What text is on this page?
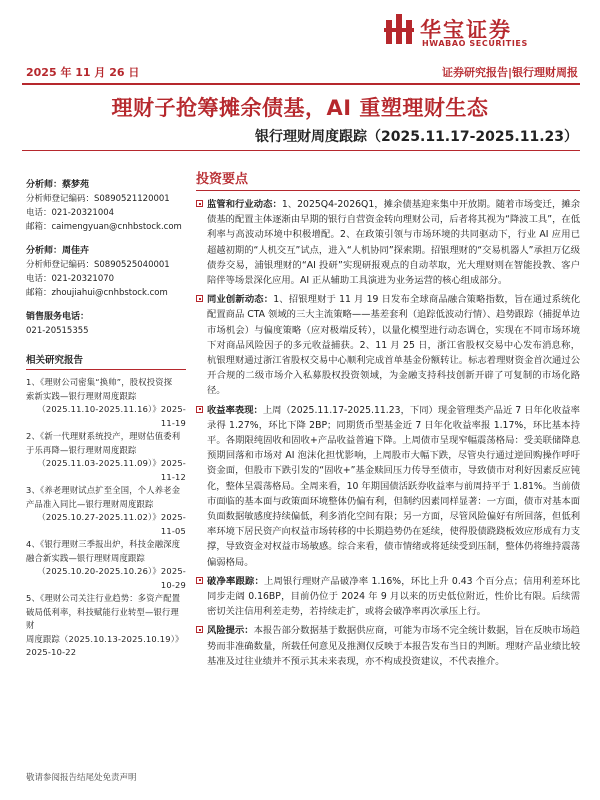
华宝证券
HWABAO SECURITIES
2025 年 11 月 26 日	证券研究报告|银行理财周报
理财子抢筹摊余债基，AI 重塑理财生态
银行理财周度跟踪（2025.11.17-2025.11.23）
分析师：蔡梦苑
分析师登记编码：S0890521120001
电话：021-20321004
邮箱：caimengyuan@cnhbstock.com
分析师：周佳卉
分析师登记编码：S0890525040001
电话：021-20321070
邮箱：zhoujiahui@cnhbstock.com
销售服务电话：
021-20515355
相关研究报告
1、《理财公司密集“换帅”，股权投资探
索新实践—银行理财周度跟踪
（2025.11.10-2025.11.16）》2025-11-19
2、《新一代理财系统投产，理财估值委利
于乐再降—银行理财周度跟踪
（2025.11.03-2025.11.09）》2025-11-12
3、《养老理财试点扩至全国，个人养老金
产品准入同比—银行理财周度跟踪
（2025.10.27-2025.11.02）》2025-11-05
4、《银行理财三季报出炉，科技金融深度
融合新实践—银行理财周度跟踪
（2025.10.20-2025.10.26）》2025-10-29
5、《理财公司关注行业趋势：多资产配置
破局低利率，科技赋能行业转型—银行理财
周度跟踪（2025.10.13-2025.10.19）》
2025-10-22
投资要点
监管和行业动态：1、2025Q4-2026Q1，摊余债基迎来集中开放期。随着市场变迁，摊余债基的配置主体逐渐由早期的银行自营资金转向理财公司，后者将其视为“降波工具”，在低利率与高波动环境中积极增配。2、在政策引领与市场环境的共同驱动下，行业 AI 应用已超越初期的“人机交互”试点，进入“人机协同”探索期。招银理财的“交易机器人”承担万亿级债券交易，浦银理财的“AI 投研”实现研报观点的自动萃取，光大理财则在智能投教、客户陪伴等场景深化应用。AI 正从辅助工具演进为业务运营的核心组成部分。
同业创新动态：1、招银理财于 11 月 19 日发布全球商品融合策略指数，旨在通过系统化配置商品 CTA 领域的三大主流策略——基差套利（追踪低波动行情）、趋势跟踪（捕捉单边市场机会）与偏度策略（应对极端反转），以量化模型进行动态调仓，实现在不同市场环境下对商品风险因子的多元收益捕获。2、11 月 25 日，浙江省股权交易中心发布消息称，杭银理财通过浙江省股权交易中心顺利完成首单基金份额转让。标志着理财资金首次通过公开合规的二级市场介入私募股权投资领域，为金融支持科技创新开辟了可复制的市场化路径。
收益率表现：上周（2025.11.17-2025.11.23，下同）现金管理类产品近 7 日年化收益率录得 1.27%，环比下降 2BP；同期货币型基金近 7 日年化收益率报 1.17%，环比基本持平。各期限纯固收和固收+产品收益普遍下降。上周债市呈现窄幅震荡格局：受美联储降息预期回落和市场对 AI 泡沫化担忧影响，上周股市大幅下跌，尽管央行通过逆回购操作呼吁资金面，但股市下跌引发的“固收+”基金赎回压力传导至债市，导致债市对利好因素反应钝化，整体呈震荡格局。全周来看，10 年期国债活跃券收益率与前周持平于 1.81%。当前债市面临的基本面与政策面环境整体仍偏有利，但制约因素同样显著：一方面，债市对基本面负面数据敏感度持续偏低，利多消化空间有限；另一方面，尽管风险偏好有所回落，但低利率环境下居民资产向权益市场转移的中长期趋势仍在延续，使得股债跷跷板效应形成有力支撑，导致资金对权益市场敏感。综合来看，债市情绪或将延续受到压制，整体仍将维持震荡偏弱格局。
破净率跟踪：上周银行理财产品破净率 1.16%，环比上升 0.43 个百分点；信用利差环比同步走阔 0.16BP，目前仍位于 2024 年 9 月以来的历史低位附近，性价比有限。后续需密切关注信用利差走势，若持续走扩，或将会破净率再次承压上行。
风险提示：本报告部分数据基于数据供应商，可能为市场不完全统计数据，旨在反映市场趋势而非准确数量，所载任何意见及推测仅反映于本报告发布当日的判断。理财产品业绩比较基准及过往业绩并不预示其未来表现，亦不构成投资建议，不代表推介。
敬请参阅报告结尾处免责声明
